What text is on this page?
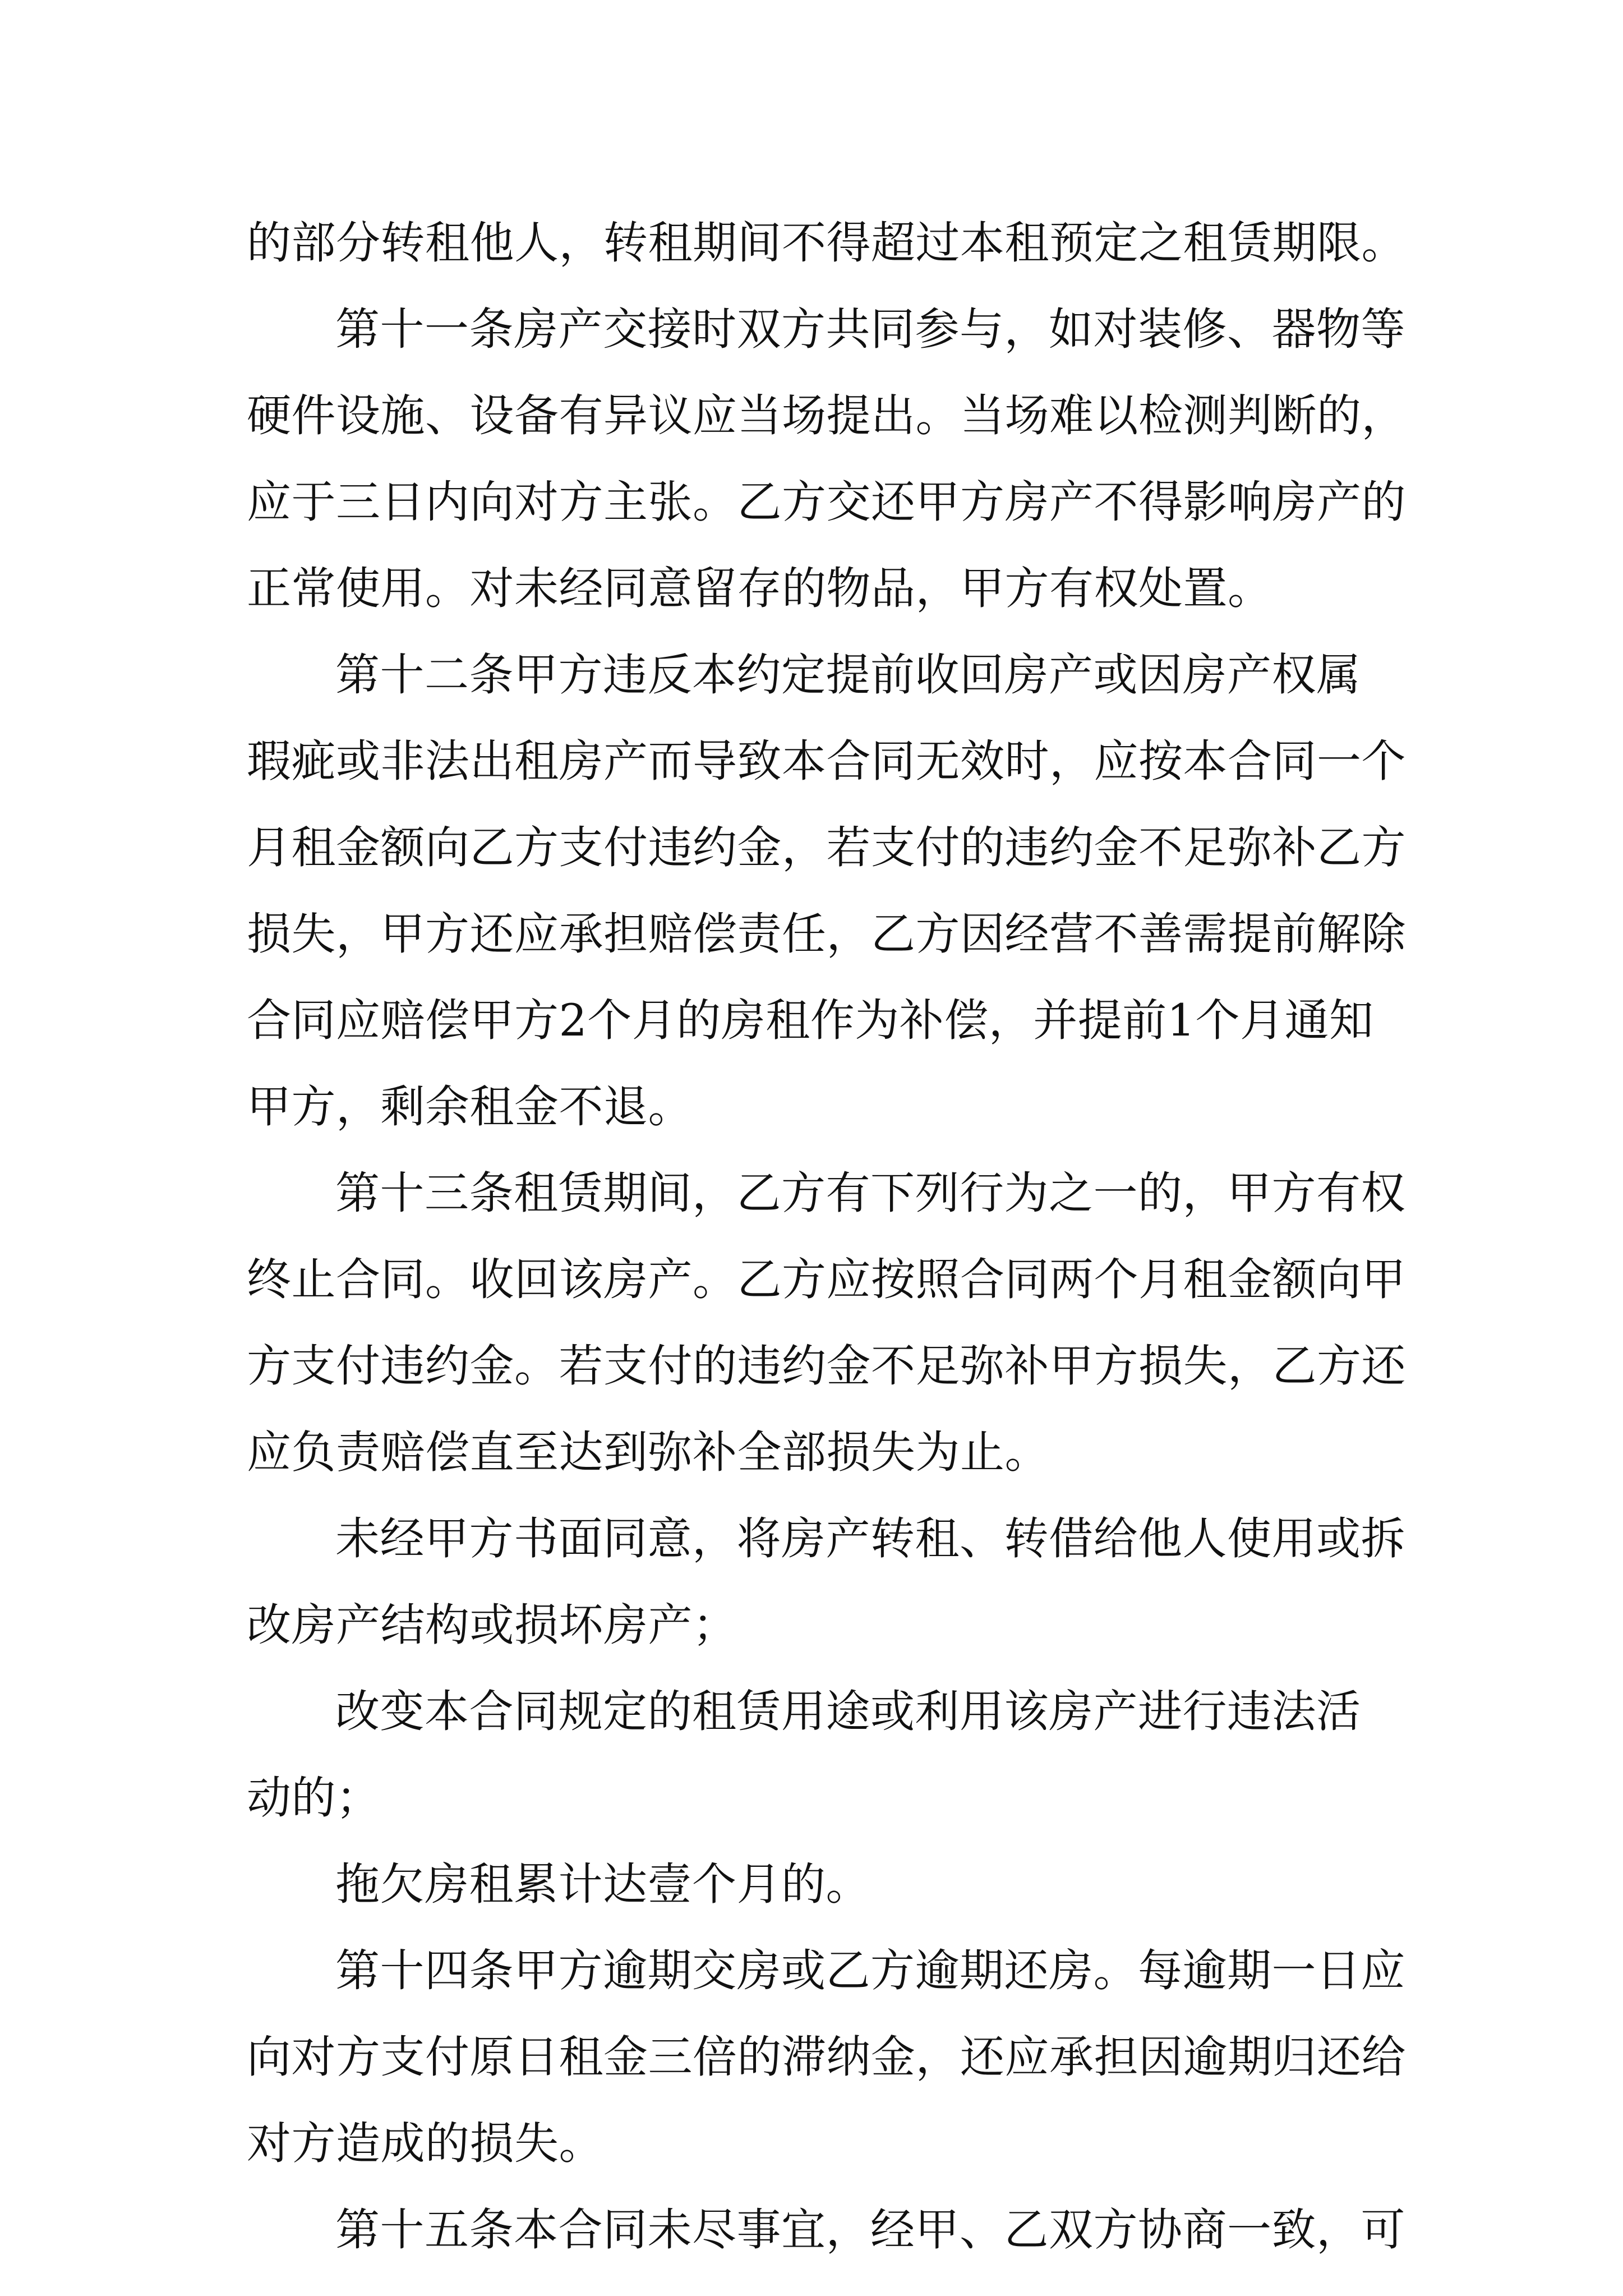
的部分转租他人，转租期间不得超过本租预定之租赁期限。
第十一条房产交接时双方共同参与，如对装修、器物等
硬件设施、设备有异议应当场提出。当场难以检测判断的，
应于三日内向对方主张。乙方交还甲方房产不得影响房产的
正常使用。对未经同意留存的物品，甲方有权处置。
第十二条甲方违反本约定提前收回房产或因房产权属
瑕疵或非法出租房产而导致本合同无效时，应按本合同一个
月租金额向乙方支付违约金，若支付的违约金不足弥补乙方
损失，甲方还应承担赔偿责任，乙方因经营不善需提前解除
合同应赔偿甲方2个月的房租作为补偿，并提前1个月通知
甲方，剩余租金不退。
第十三条租赁期间，乙方有下列行为之一的，甲方有权
终止合同。收回该房产。乙方应按照合同两个月租金额向甲
方支付违约金。若支付的违约金不足弥补甲方损失，乙方还
应负责赔偿直至达到弥补全部损失为止。
未经甲方书面同意，将房产转租、转借给他人使用或拆
改房产结构或损坏房产；
改变本合同规定的租赁用途或利用该房产进行违法活
动的；
拖欠房租累计达壹个月的。
第十四条甲方逾期交房或乙方逾期还房。每逾期一日应
向对方支付原日租金三倍的滞纳金，还应承担因逾期归还给
对方造成的损失。
第十五条本合同未尽事宜，经甲、乙双方协商一致，可
